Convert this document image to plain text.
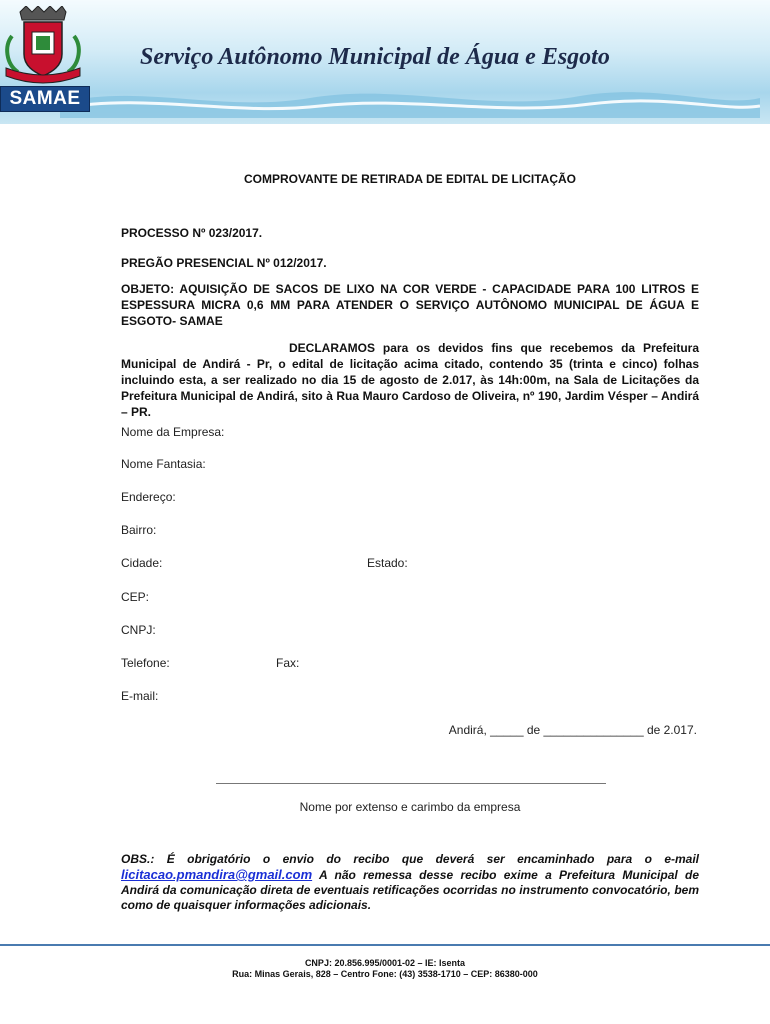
Serviço Autônomo Municipal de Água e Esgoto
SAMAE
COMPROVANTE DE RETIRADA DE EDITAL DE LICITAÇÃO
PROCESSO Nº 023/2017.
PREGÃO PRESENCIAL Nº 012/2017.
OBJETO: AQUISIÇÃO DE SACOS DE LIXO NA COR VERDE - CAPACIDADE PARA 100 LITROS E ESPESSURA MICRA 0,6 MM PARA ATENDER O SERVIÇO AUTÔNOMO MUNICIPAL DE ÁGUA E ESGOTO- SAMAE
DECLARAMOS para os devidos fins que recebemos da Prefeitura Municipal de Andirá - Pr, o edital de licitação acima citado, contendo 35 (trinta e cinco) folhas incluindo esta, a ser realizado no dia 15 de agosto de 2.017, às 14h:00m, na Sala de Licitações da Prefeitura Municipal de Andirá, sito à Rua Mauro Cardoso de Oliveira, nº 190, Jardim Vésper – Andirá – PR.
Nome da Empresa:
Nome Fantasia:
Endereço:
Bairro:
Cidade:	Estado:
CEP:
CNPJ:
Telefone:	Fax:
E-mail:
Andirá, _____ de _______________ de 2.017.
Nome por extenso e carimbo da empresa
OBS.: É obrigatório o envio do recibo que deverá ser encaminhado para o e-mail licitacao.pmandira@gmail.com A não remessa desse recibo exime a Prefeitura Municipal de Andirá da comunicação direta de eventuais retificações ocorridas no instrumento convocatório, bem como de quaisquer informações adicionais.
CNPJ: 20.856.995/0001-02 – IE: Isenta
Rua: Minas Gerais, 828 – Centro Fone: (43) 3538-1710 – CEP: 86380-000
